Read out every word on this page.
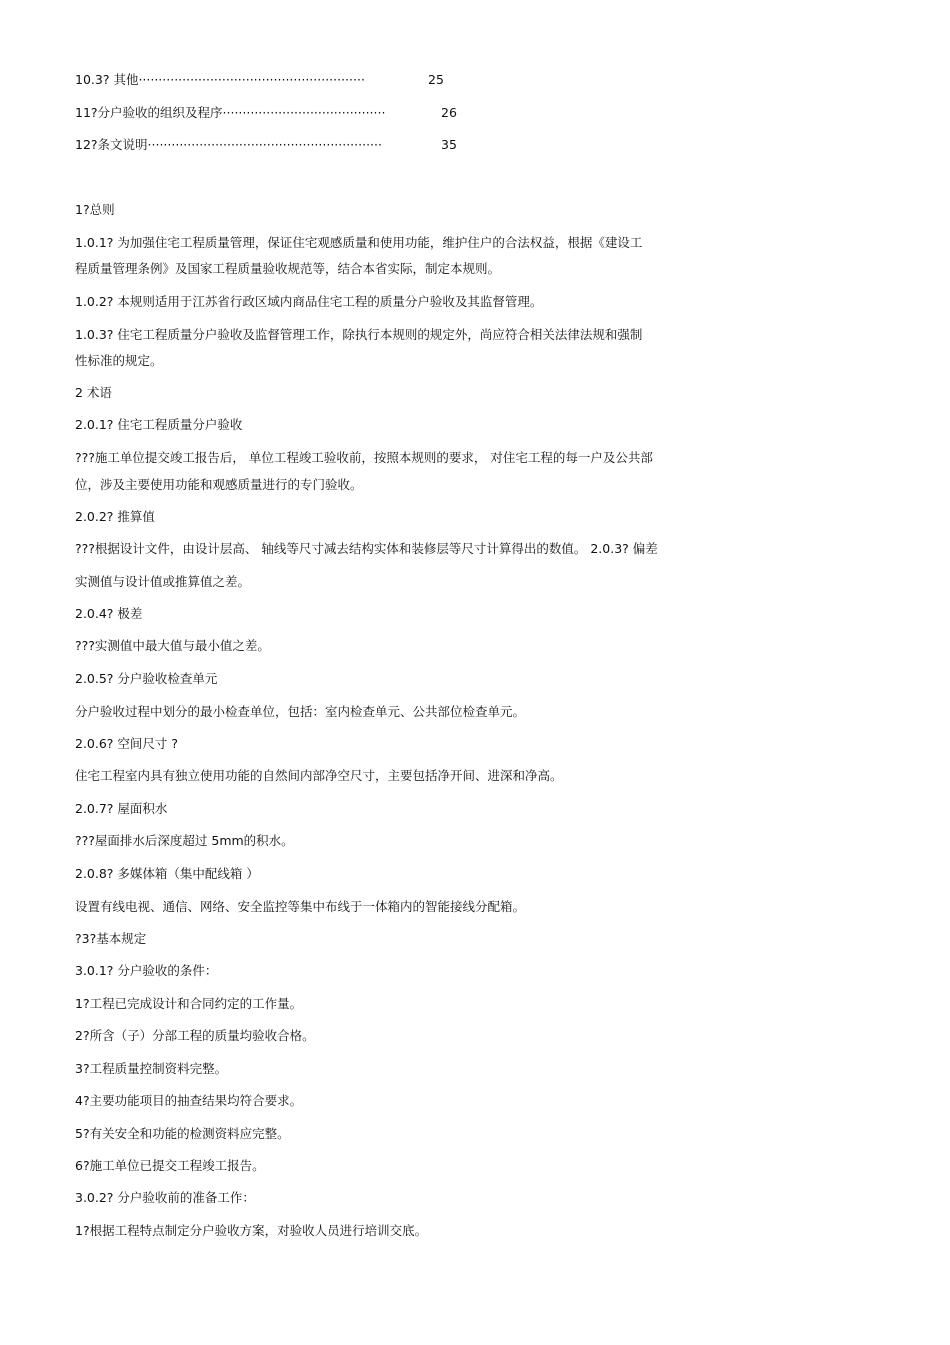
10.3? 其他·························································	25
11?分户验收的组织及程序·········································	26
12?条文说明···························································	35
1?总则
1.0.1? 为加强住宅工程质量管理，保证住宅观感质量和使用功能，维护住户的合法权益，根据《建设工
程质量管理条例》及国家工程质量验收规范等，结合本省实际，制定本规则。
1.0.2? 本规则适用于江苏省行政区域内商品住宅工程的质量分户验收及其监督管理。
1.0.3? 住宅工程质量分户验收及监督管理工作，除执行本规则的规定外，尚应符合相关法律法规和强制
性标准的规定。
2 术语
2.0.1? 住宅工程质量分户验收
???施工单位提交竣工报告后， 单位工程竣工验收前，按照本规则的要求， 对住宅工程的每一户及公共部
位，涉及主要使用功能和观感质量进行的专门验收。
2.0.2? 推算值
???根据设计文件，由设计层高、 轴线等尺寸减去结构实体和装修层等尺寸计算得出的数值。 2.0.3? 偏差
实测值与设计值或推算值之差。
2.0.4? 极差
???实测值中最大值与最小值之差。
2.0.5? 分户验收检查单元
分户验收过程中划分的最小检查单位，包括：室内检查单元、公共部位检查单元。
2.0.6? 空间尺寸 ?
住宅工程室内具有独立使用功能的自然间内部净空尺寸，主要包括净开间、进深和净高。
2.0.7? 屋面积水
???屋面排水后深度超过 5mm的积水。
2.0.8? 多媒体箱（集中配线箱 ）
设置有线电视、通信、网络、安全监控等集中布线于一体箱内的智能接线分配箱。
?3?基本规定
3.0.1? 分户验收的条件：
1?工程已完成设计和合同约定的工作量。
2?所含（子）分部工程的质量均验收合格。
3?工程质量控制资料完整。
4?主要功能项目的抽查结果均符合要求。
5?有关安全和功能的检测资料应完整。
6?施工单位已提交工程竣工报告。
3.0.2? 分户验收前的准备工作：
1?根据工程特点制定分户验收方案，对验收人员进行培训交底。
